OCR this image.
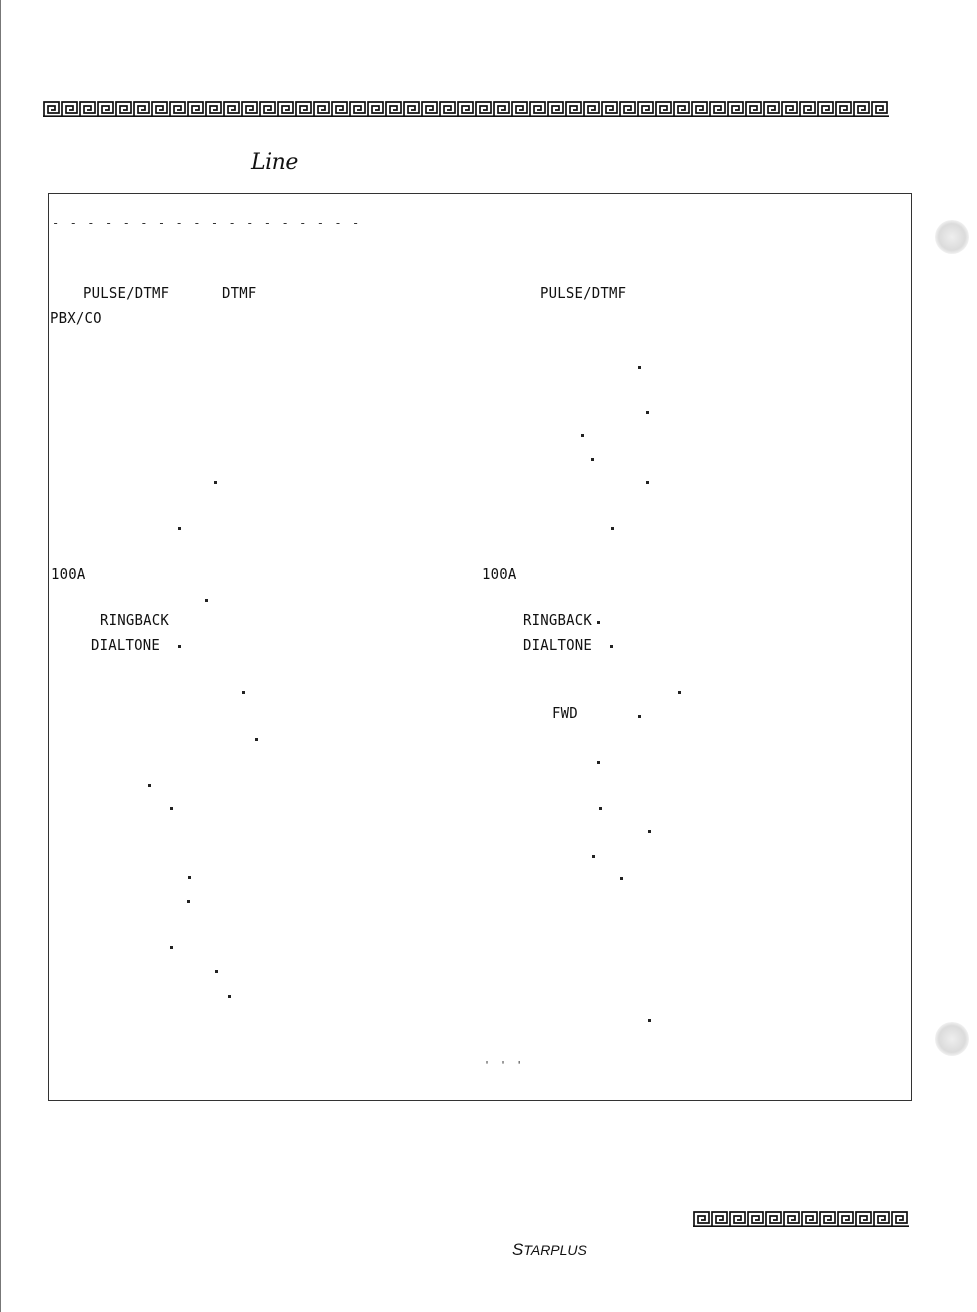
Line
- - - - - - - - - - - - - - - - - -
PULSE/DTMF	DTMF
PBX/CO
100A
RINGBACK
DIALTONE
PULSE/DTMF
100A
RINGBACK
DIALTONE
FWD
' ' '
STARPLUS
